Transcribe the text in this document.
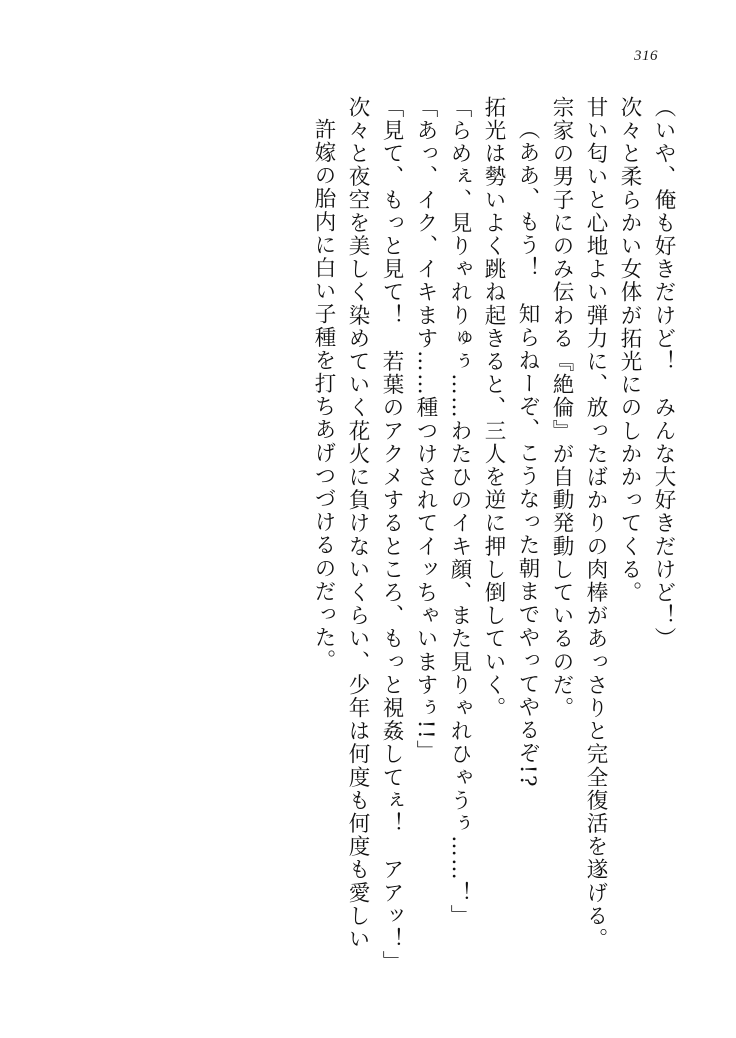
316
（いや、俺も好きだけど！　みんな大好きだけど！）
次々と柔らかい女体が拓光にのしかかってくる。
甘い匂いと心地よい弾力に、放ったばかりの肉棒があっさりと完全復活を遂げる。
宗家の男子にのみ伝わる『絶倫』が自動発動しているのだ。
（ああ、もう！　知らねーぞ、こうなった朝までやってやるぞ!?
拓光は勢いよく跳ね起きると、三人を逆に押し倒していく。
「らめぇ、見りゃれりゅぅ……わたひのイキ顔、また見りゃれひゃうぅ……！」
「あっ、イク、イキます……種つけされてイッちゃいますぅ!!」
「見て、もっと見て！　若葉のアクメするところ、もっと視姦してぇ！　アアッ！」
次々と夜空を美しく染めていく花火に負けないくらい、少年は何度も何度も愛しい
許嫁の胎内に白い子種を打ちあげつづけるのだった。
